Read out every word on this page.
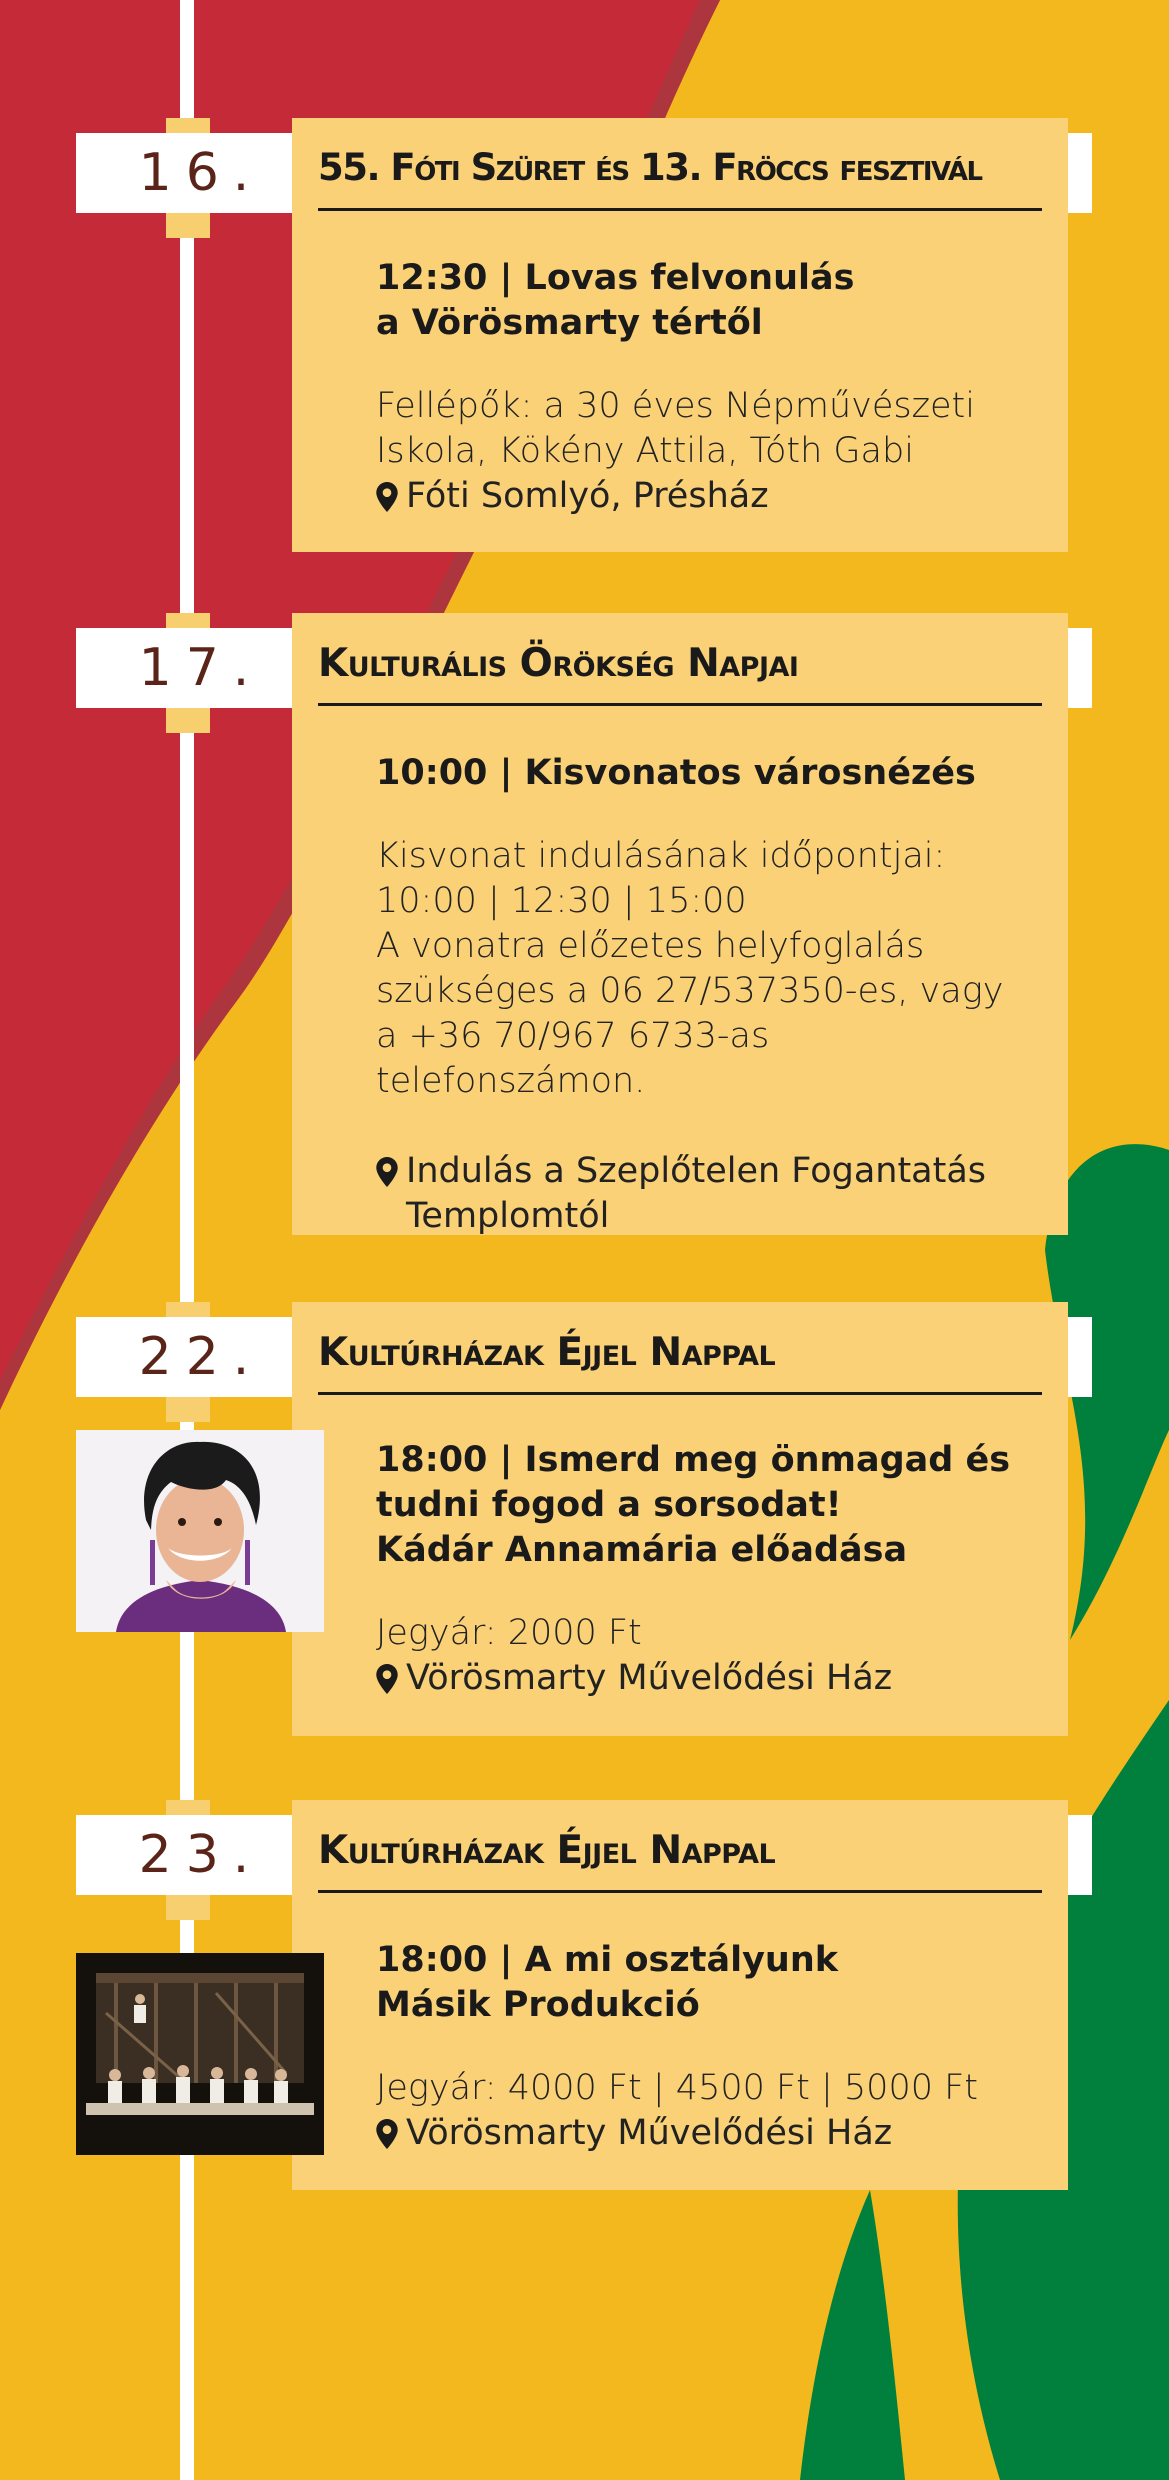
16.	55. Fóti Szüret és 13. Fröccs fesztivál
12:30 | Lovas felvonulás
a Vörösmarty tértől
Fellépők: a 30 éves Népművészeti
Iskola, Kökény Attila, Tóth Gabi
Fóti Somlyó, Présház
17.	Kulturális Örökség Napjai
10:00 | Kisvonatos városnézés
Kisvonat indulásának időpontjai:
10:00 | 12:30 | 15:00
A vonatra előzetes helyfoglalás
szükséges a 06 27/537350-es, vagy
a +36 70/967 6733-as telefonszámon.
Indulás a Szeplőtelen Fogantatás
Templomtól
22.	Kultúrházak Éjjel Nappal
18:00 | Ismerd meg önmagad és
tudni fogod a sorsodat!
Kádár Annamária előadása
Jegyár: 2000 Ft
Vörösmarty Művelődési Ház
23.	Kultúrházak Éjjel Nappal
18:00 | A mi osztályunk
Másik Produkció
Jegyár: 4000 Ft | 4500 Ft | 5000 Ft
Vörösmarty Művelődési Ház
